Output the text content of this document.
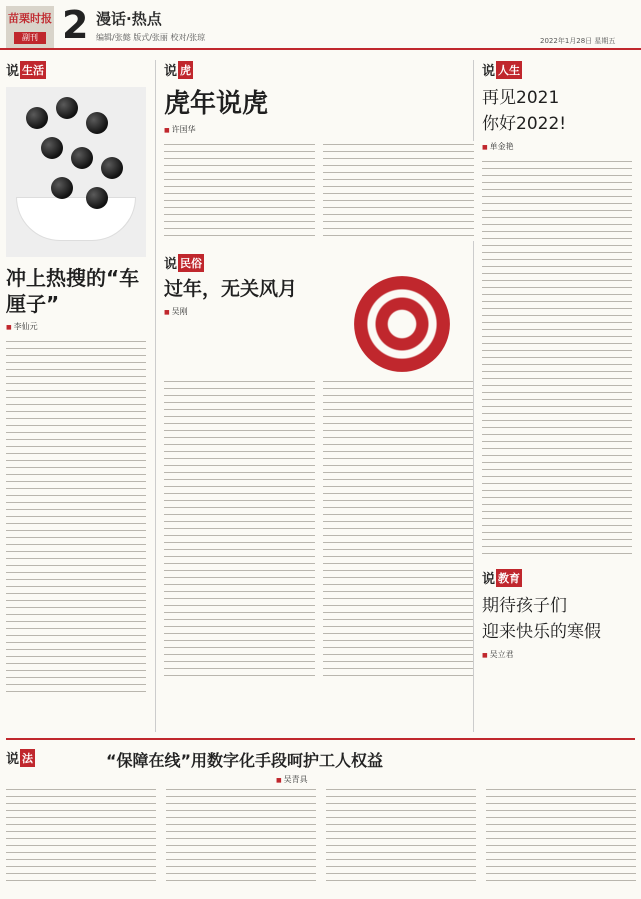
苗栗时报
副刊 2 漫话·热点
编辑/张懿 版式/张丽 校对/张琼	2022年1月28日 星期五
说 生活
冲上热搜的“车厘子”
■ 李仙元
说 虎
虎年说虎
■ 许国华
说 民俗
过年，无关风月
■ 吴刚
说 人生
再见2021
你好2022!
■ 单金艳
说 教育
期待孩子们
迎来快乐的寒假
■ 吴立君
说 法	“保障在线”用数字化手段呵护工人权益
■ 吴青具
